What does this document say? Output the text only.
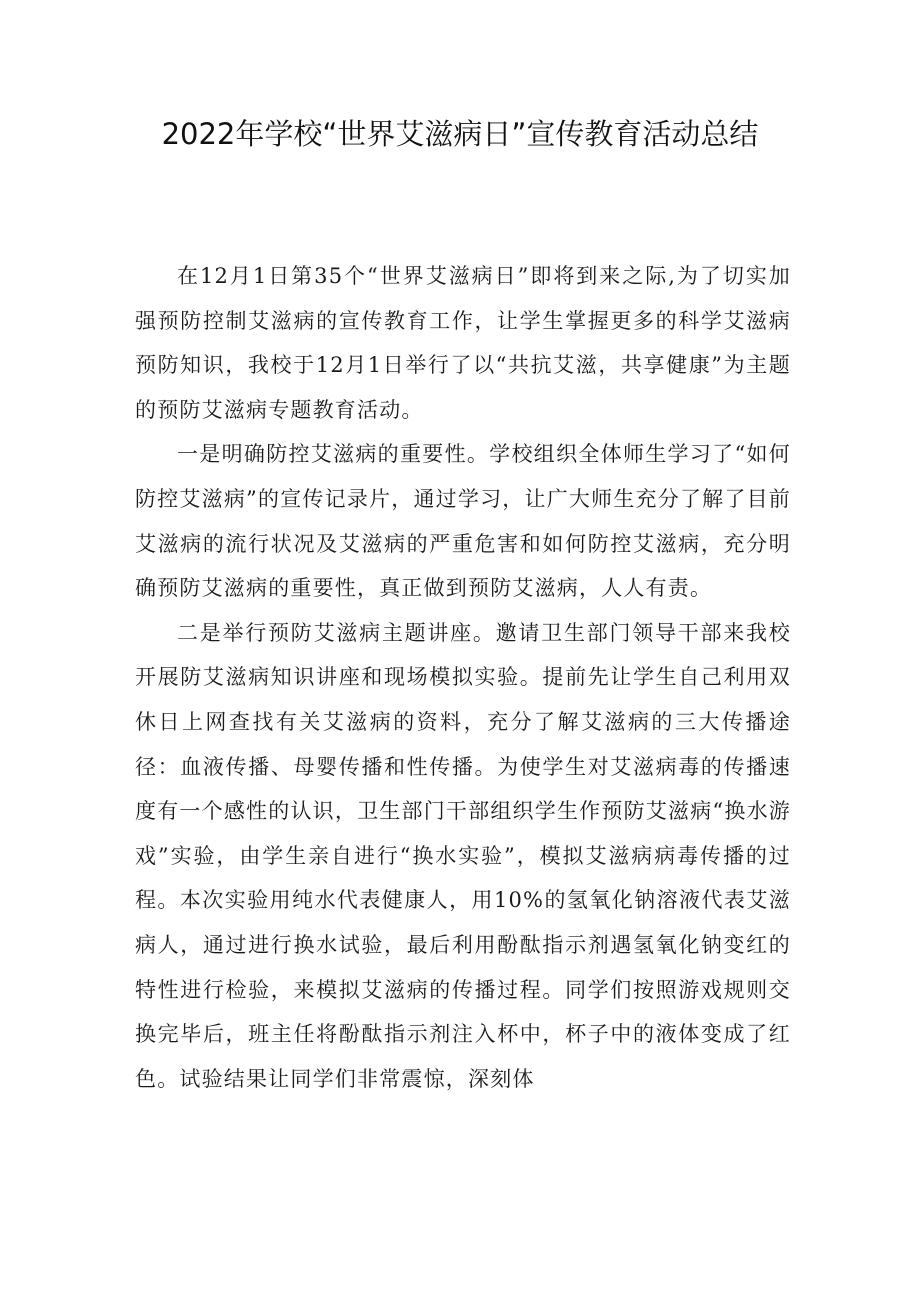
2022年学校“世界艾滋病日”宣传教育活动总结

在12月1日第35个“世界艾滋病日”即将到来之际,为了切实加强预防控制艾滋病的宣传教育工作，让学生掌握更多的科学艾滋病预防知识，我校于12月1日举行了以“共抗艾滋，共享健康”为主题的预防艾滋病专题教育活动。

一是明确防控艾滋病的重要性。学校组织全体师生学习了“如何防控艾滋病”的宣传记录片，通过学习，让广大师生充分了解了目前艾滋病的流行状况及艾滋病的严重危害和如何防控艾滋病，充分明确预防艾滋病的重要性，真正做到预防艾滋病，人人有责。

二是举行预防艾滋病主题讲座。邀请卫生部门领导干部来我校开展防艾滋病知识讲座和现场模拟实验。提前先让学生自己利用双休日上网查找有关艾滋病的资料，充分了解艾滋病的三大传播途径：血液传播、母婴传播和性传播。为使学生对艾滋病毒的传播速度有一个感性的认识，卫生部门干部组织学生作预防艾滋病“换水游戏”实验，由学生亲自进行“换水实验”，模拟艾滋病病毒传播的过程。本次实验用纯水代表健康人，用10%的氢氧化钠溶液代表艾滋病人，通过进行换水试验，最后利用酚酞指示剂遇氢氧化钠变红的特性进行检验，来模拟艾滋病的传播过程。同学们按照游戏规则交换完毕后，班主任将酚酞指示剂注入杯中，杯子中的液体变成了红色。试验结果让同学们非常震惊，深刻体
